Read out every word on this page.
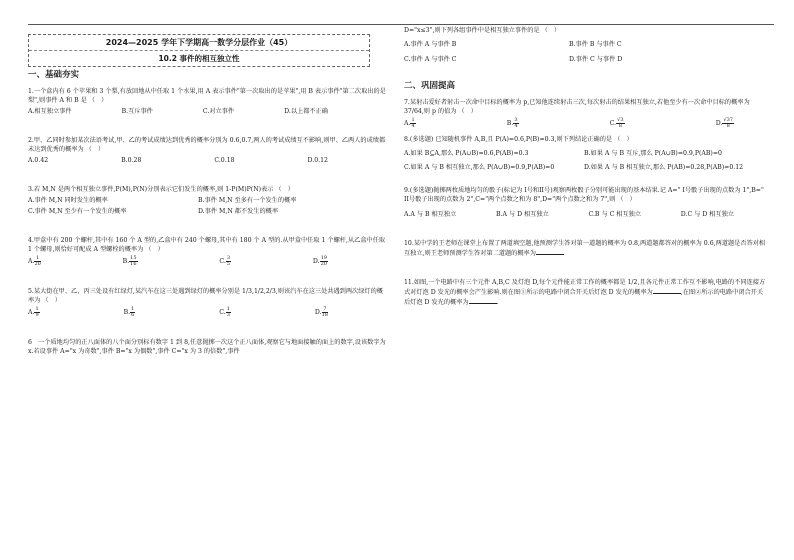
2024—2025 学年下学期高一数学分层作业（45）
10.2 事件的相互独立性
一、基础夯实

1.一个盒内有 6 个苹果和 3 个梨,有放回地从中任取 1 个水果,用 A 表示事件"第一次取出的是苹果",用 B 表示事件"第二次取出的是梨",则事件 A 和 B 是 （　）

A.相互独立事件	B.互斥事件	C.对立事件	D.以上都不正确

2.甲、乙同时参加某次法语考试,甲、乙的考试成绩达到优秀的概率分别为 0.6,0.7,两人的考试成绩互不影响,则甲、乙两人的成绩都未达到优秀的概率为 （　）

A.0.42	B.0.28	C.0.18	D.0.12

3.若 M,N 是两个相互独立事件,P(M),P(N)分别表示它们发生的概率,则 1-P(M)P(N)表示 （　）

A.事件 M,N 同时发生的概率	B.事件 M,N 至多有一个发生的概率
C.事件 M,N 至少有一个发生的概率	D.事件 M,N 都不发生的概率

4.甲盒中有 200 个螺杆,其中有 160 个 A 型的,乙盒中有 240 个螺母,其中有 180 个 A 型的.从甲盒中任取 1 个螺杆,从乙盒中任取 1 个螺母,则恰好可配成 A 型螺栓的概率为 （　）

A. $\frac{1}{20}$	B. $\frac{15}{16}$	C. $\frac{3}{5}$	D. $\frac{19}{20}$

5.某大街在甲、乙、丙三处设有红绿灯,某汽车在这三处遇到绿灯的概率分别是 1/3,1/2,2/3,则该汽车在这三处共遇到两次绿灯的概率为 （　）

A. $\frac{1}{9}$	B. $\frac{1}{6}$	C. $\frac{1}{3}$	D. $\frac{7}{18}$

6　一个质地均匀的正八面体的八个面分别标有数字 1 到 8,任意抛掷一次这个正八面体,观察它与地面接触的面上的数字,设该数字为 x.若设事件 A="x 为奇数",事件 B="x 为偶数",事件 C="x 为 3 的倍数",事件

D="x≤3",则下列各组事件中是相互独立事件的是 （　）

A.事件 A 与事件 B	B.事件 B 与事件 C
C.事件 A 与事件 C	D.事件 C 与事件 D
二、巩固提高

7.某射击爱好者射击一次命中目标的概率为 p,已知他连续射击三次,每次射击的结果相互独立,若他至少有一次命中目标的概率为 37/64,则 p 的值为 （　）

A. $\frac{1}{4}$	B. $\frac{3}{4}$	C. $\frac{√3}{8}$	D. $\frac{√37}{8}$

8.(多选题) 已知随机事件 A,B,且 P(A)=0.6,P(B)=0.3,则下列结论正确的是 （　）

A.如果 B⊆A,那么 P(A∪B)=0.6,P(AB)=0.3	B.如果 A 与 B 互斥,那么 P(A∪B)=0.9,P(AB)=0
C.如果 A 与 B 相互独立,那么 P(A∪B)=0.9,P(AB)=0	D.如果 A 与 B 相互独立,那么 P(AB)=0.28,P(AB)=0.12

9.(多选题)抛掷两枚质地均匀的骰子(标记为 I号和II号)观察两枚骰子分别可能出现的基本结果.记 A=" I号骰子出现的点数为 1",B=" II号骰子出现的点数为 2",C="两个点数之和为 8",D="两个点数之和为 7",则 （　）

A.A 与 B 相互独立	B.A 与 D 相互独立	C.B 与 C 相互独立	D.C 与 D 相互独立

10.某中学的王老师在课堂上布置了两道填空题,他预测学生答对第一道题的概率为 0.8,两道题都答对的概率为 0.6,两道题是否答对相互独立,则王老师预测学生答对第二道题的概率为

11.如图,一个电路中有三个元件 A,B,C 及灯泡 D,每个元件能正常工作的概率都是 1/2,且各元件正常工作互不影响,电路的不同连接方式对灯泡 D 发光的概率会产生影响.则在图①所示的电路中闭合开关后灯泡 D 发光的概率为	,在图②所示的电路中闭合开关后灯泡 D 发光的概率为	.
